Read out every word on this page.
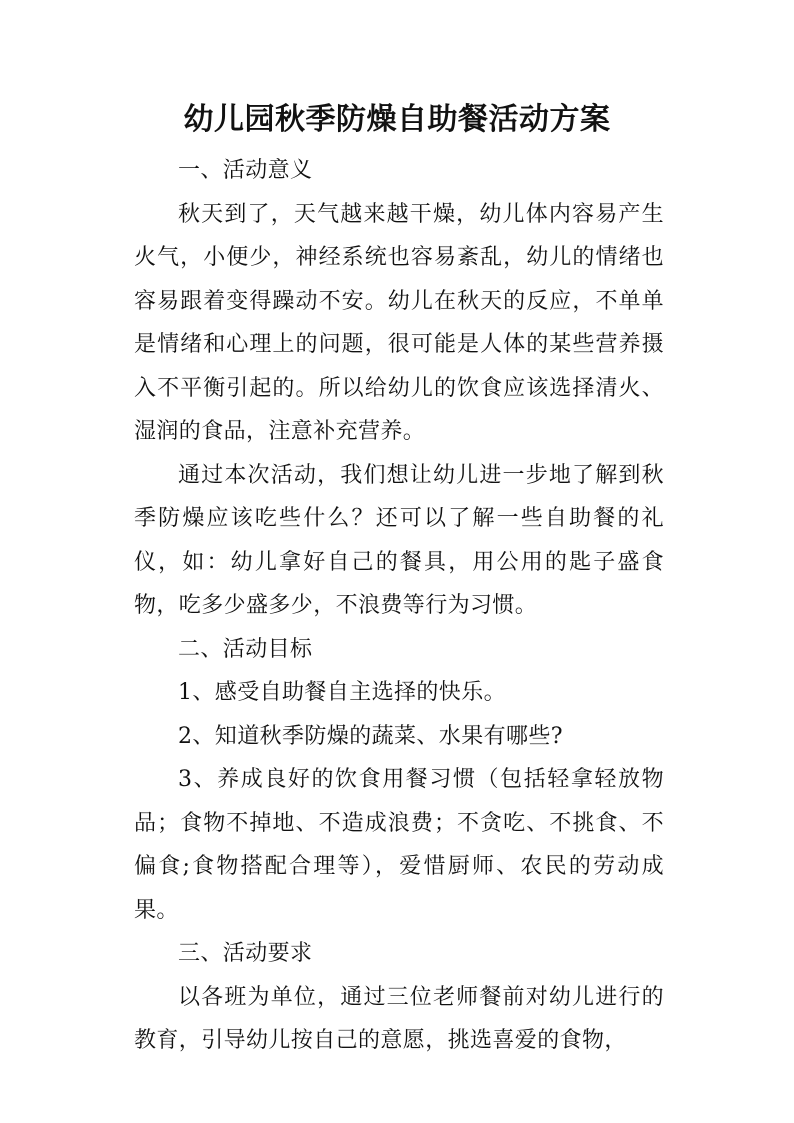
幼儿园秋季防燥自助餐活动方案

一、活动意义

秋天到了，天气越来越干燥，幼儿体内容易产生火气，小便少，神经系统也容易紊乱，幼儿的情绪也容易跟着变得躁动不安。幼儿在秋天的反应，不单单是情绪和心理上的问题，很可能是人体的某些营养摄入不平衡引起的。所以给幼儿的饮食应该选择清火、湿润的食品，注意补充营养。

通过本次活动，我们想让幼儿进一步地了解到秋季防燥应该吃些什么？还可以了解一些自助餐的礼仪，如：幼儿拿好自己的餐具，用公用的匙子盛食物，吃多少盛多少，不浪费等行为习惯。

二、活动目标

1、感受自助餐自主选择的快乐。

2、知道秋季防燥的蔬菜、水果有哪些?

3、养成良好的饮食用餐习惯（包括轻拿轻放物品；食物不掉地、不造成浪费；不贪吃、不挑食、不偏食;食物搭配合理等），爱惜厨师、农民的劳动成果。

三、活动要求

以各班为单位，通过三位老师餐前对幼儿进行的教育，引导幼儿按自己的意愿，挑选喜爱的食物，
